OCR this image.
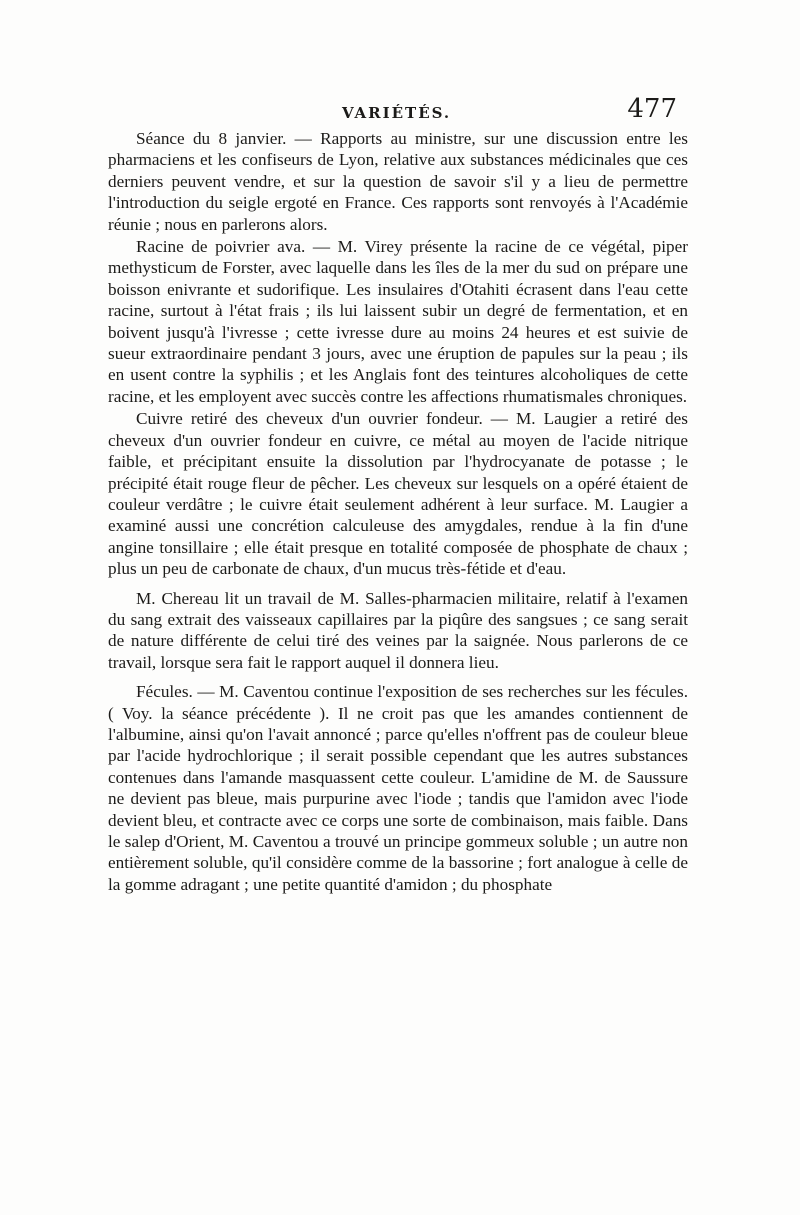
VARIÉTÉS.	477

Séance du 8 janvier. — Rapports au ministre, sur une discussion entre les pharmaciens et les confiseurs de Lyon, relative aux substances médicinales que ces derniers peuvent vendre, et sur la question de savoir s'il y a lieu de permettre l'introduction du seigle ergoté en France. Ces rapports sont renvoyés à l'Académie réunie ; nous en parlerons alors.

Racine de poivrier ava. — M. Virey présente la racine de ce végétal, piper methysticum de Forster, avec laquelle dans les îles de la mer du sud on prépare une boisson enivrante et sudorifique. Les insulaires d'Otahiti écrasent dans l'eau cette racine, surtout à l'état frais ; ils lui laissent subir un degré de fermentation, et en boivent jusqu'à l'ivresse ; cette ivresse dure au moins 24 heures et est suivie de sueur extraordinaire pendant 3 jours, avec une éruption de papules sur la peau ; ils en usent contre la syphilis ; et les Anglais font des teintures alcoholiques de cette racine, et les employent avec succès contre les affections rhumatismales chroniques.

Cuivre retiré des cheveux d'un ouvrier fondeur. — M. Laugier a retiré des cheveux d'un ouvrier fondeur en cuivre, ce métal au moyen de l'acide nitrique faible, et précipitant ensuite la dissolution par l'hydrocyanate de potasse ; le précipité était rouge fleur de pêcher. Les cheveux sur lesquels on a opéré étaient de couleur verdâtre ; le cuivre était seulement adhérent à leur surface. M. Laugier a examiné aussi une concrétion calculeuse des amygdales, rendue à la fin d'une angine tonsillaire ; elle était presque en totalité composée de phosphate de chaux ; plus un peu de carbonate de chaux, d'un mucus très-fétide et d'eau.

M. Chereau lit un travail de M. Salles-pharmacien militaire, relatif à l'examen du sang extrait des vaisseaux capillaires par la piqûre des sangsues ; ce sang serait de nature différente de celui tiré des veines par la saignée. Nous parlerons de ce travail, lorsque sera fait le rapport auquel il donnera lieu.

Fécules. — M. Caventou continue l'exposition de ses recherches sur les fécules. ( Voy. la séance précédente ). Il ne croit pas que les amandes contiennent de l'albumine, ainsi qu'on l'avait annoncé ; parce qu'elles n'offrent pas de couleur bleue par l'acide hydrochlorique ; il serait possible cependant que les autres substances contenues dans l'amande masquassent cette couleur. L'amidine de M. de Saussure ne devient pas bleue, mais purpurine avec l'iode ; tandis que l'amidon avec l'iode devient bleu, et contracte avec ce corps une sorte de combinaison, mais faible. Dans le salep d'Orient, M. Caventou a trouvé un principe gommeux soluble ; un autre non entièrement soluble, qu'il considère comme de la bassorine ; fort analogue à celle de la gomme adragant ; une petite quantité d'amidon ; du phosphate
